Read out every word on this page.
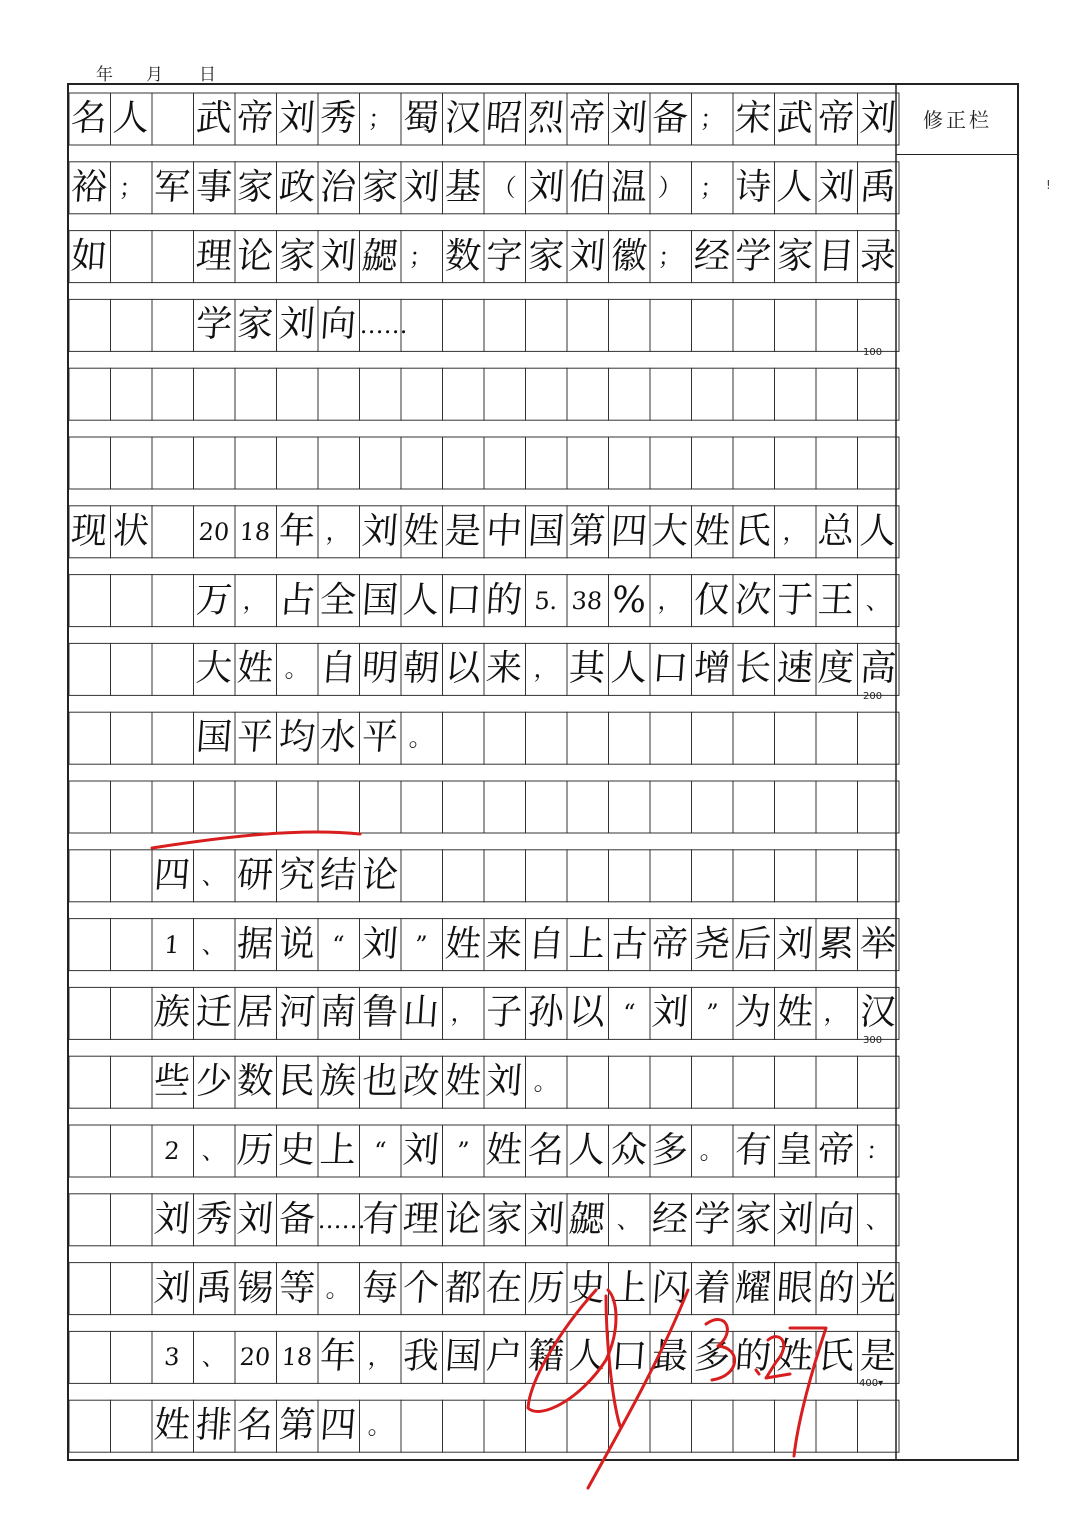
年 月 日
名 人
　 武 帝 刘 秀 ； 蜀 汉 昭 烈 帝 刘 备 ； 宋 武 帝 刘
裕 ； 军 事 家 政 治 家 刘 基 （ 刘 伯 温 ） ； 诗 人 刘 禹
如 理 论 家 刘 勰 ； 数 字 家 刘 徽 ； 经 学 家 目 录
学 家 刘 向 ……
现 状 20 18 年 ， 刘 姓 是 中 国 第 四 大 姓 氏 ， 总 人
万 ， 占 全 国 人 口 的 5. 38 % ， 仅 次 于 王 、
大 姓 。 自 明 朝 以 来 ， 其 人 口 增 长 速 度 高
国 平 均 水 平 。
四 、 研 究 结 论
1 、 据 说 “ 刘 ” 姓 来 自 上 古 帝 尧 后 刘 累 举
族 迁 居 河 南 鲁 山 ， 子 孙 以 “ 刘 ” 为 姓 ， 汉
些 少 数 民 族 也 改 姓 刘 。
2 、 历 史 上 “ 刘 ” 姓 名 人 众 多 。 有 皇 帝 ：
刘 秀 刘 备 ……
有 理 论 家 刘 勰 、 经 学 家 刘 向 、
刘 禹 锡 等 。 每 个 都 在 历 史 上 闪 着 耀 眼 的 光
3 、 20 18 年 ， 我 国 户 籍 人 口 最 多 的 姓 氏 是
姓 排 名 第 四 。
修正栏
100
200
300
400▾
!
